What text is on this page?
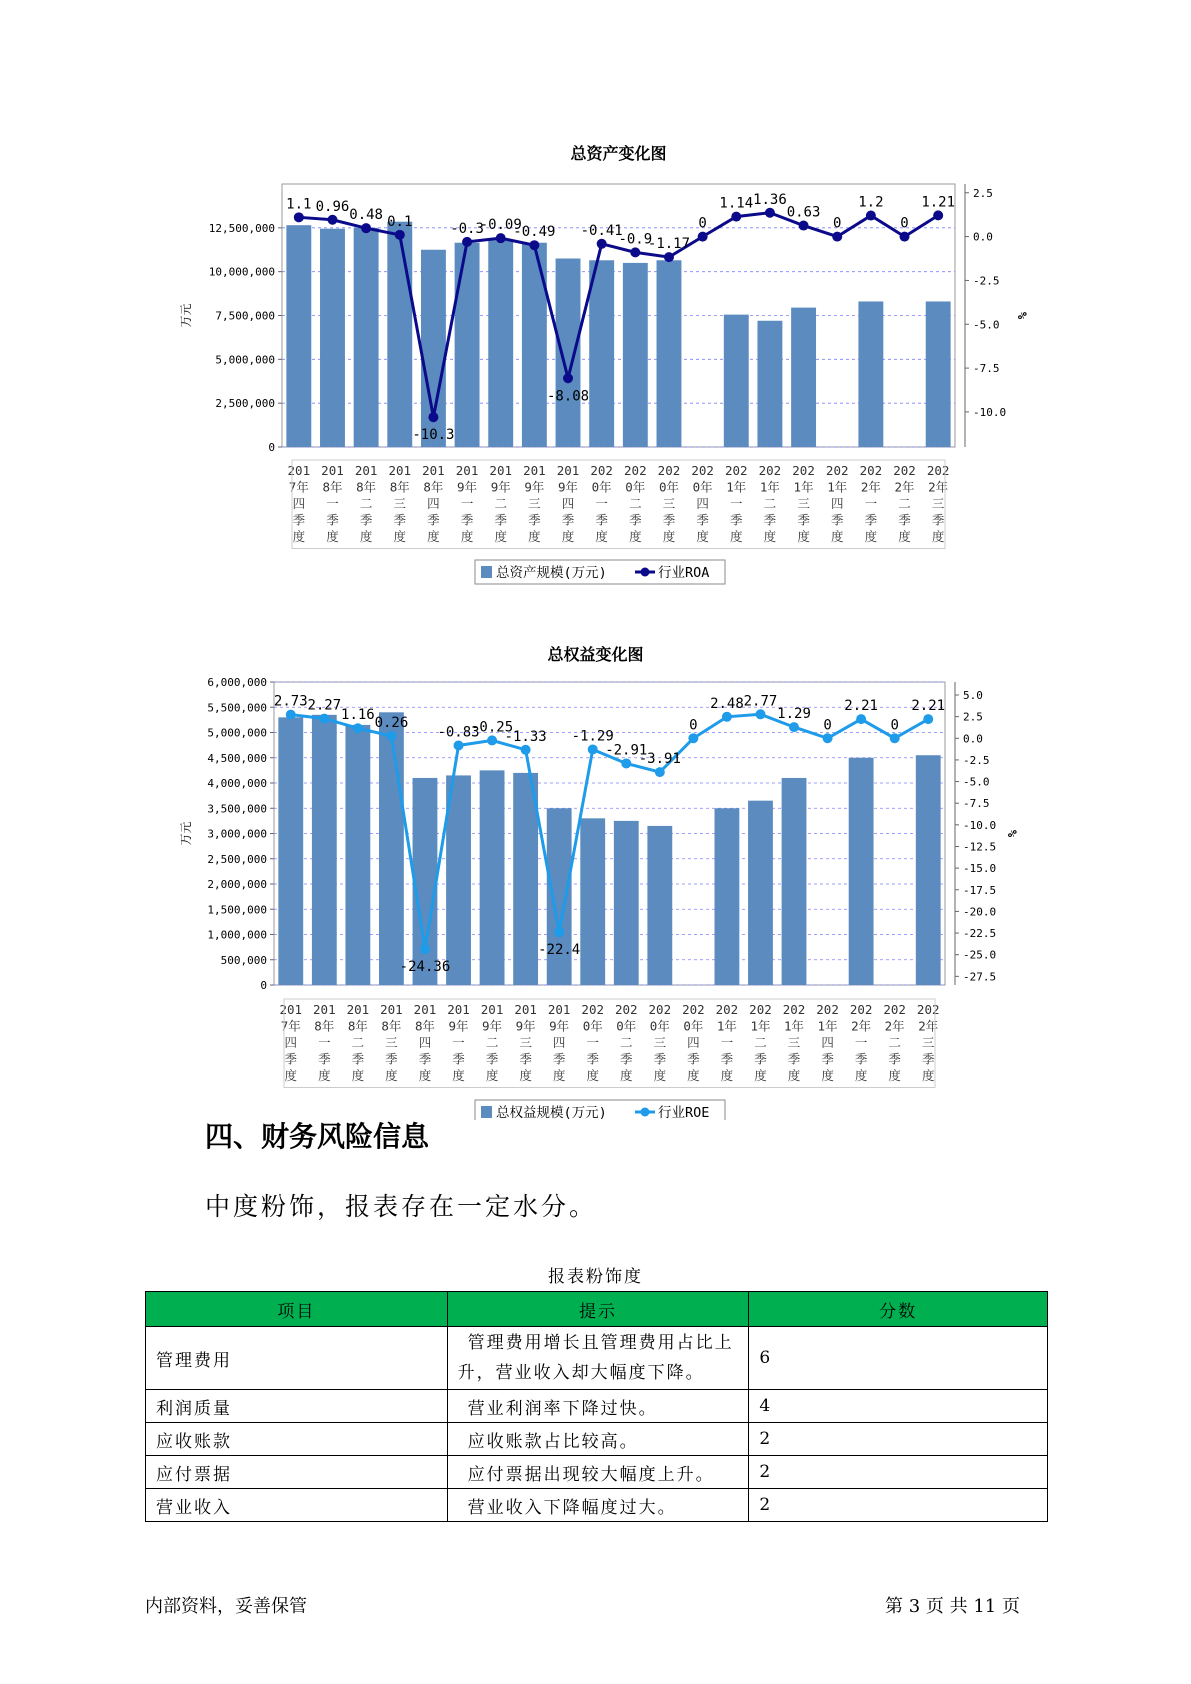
总资产变化图
0
2,500,000
5,000,000
7,500,000
10,000,000
12,500,000
万元
2.5
0.0
-2.5
-5.0
-7.5
-10.0
%
1.1 0.96
0.48 0.1
-10.3
-0.3
-0.09
-0.49
-8.08
-0.41
-0.9
-1.17
0
1.14 1.36
0.63
0
1.2
0
1.21
201
7年
四
季
度
201
8年
一
季
度
201
8年
二
季
度
201
8年
三
季
度
201
8年
四
季
度
201
9年
一
季
度
201
9年
二
季
度
201
9年
三
季
度
201
9年
四
季
度
202
0年
一
季
度
202
0年
二
季
度
202
0年
三
季
度
202
0年
四
季
度
202
1年
一
季
度
202
1年
二
季
度
202
1年
三
季
度
202
1年
四
季
度
202
2年
一
季
度
202
2年
二
季
度
202
2年
三
季
度
总资产规模(万元)	行业ROA
0
500,000
1,000,000
1,500,000
2,000,000
2,500,000
3,000,000
3,500,000
4,000,000
4,500,000
5,000,000
5,500,000
6,000,000
万元
5.0
2.5
0.0
-2.5
-5.0
-7.5
-10.0
-12.5
-15.0
-17.5
-20.0
-22.5
-25.0
-27.5
%
2.73 2.27
1.16 0.26
-24.36
-0.83
-0.25
-1.33
-22.4
-1.29
-2.91
-3.91
0
2.48 2.77
1.29
0
2.21
0
2.21
201
7年
四
季
度
201
8年
一
季
度
201
8年
二
季
度
201
8年
三
季
度
201
8年
四
季
度
201
9年
一
季
度
201
9年
二
季
度
201
9年
三
季
度
201
9年
四
季
度
202
0年
一
季
度
202
0年
二
季
度
202
0年
三
季
度
202
0年
四
季
度
202
1年
一
季
度
202
1年
二
季
度
202
1年
三
季
度
202
1年
四
季
度
202
2年
一
季
度
202
2年
二
季
度
202
2年
三
季
度
总权益规模(万元)	行业ROE
四、财务风险信息
中度粉饰，报表存在一定水分。
报表粉饰度
项目	提示	分数
管理费用	管理费用增长且管理费用占比上升，营业收入却大幅度下降。	6
利润质量	营业利润率下降过快。	4
应收账款	应收账款占比较高。	2
应付票据	应付票据出现较大幅度上升。	2
营业收入	营业收入下降幅度过大。	2
内部资料，妥善保管	第 3 页 共 11 页
总权益变化图
